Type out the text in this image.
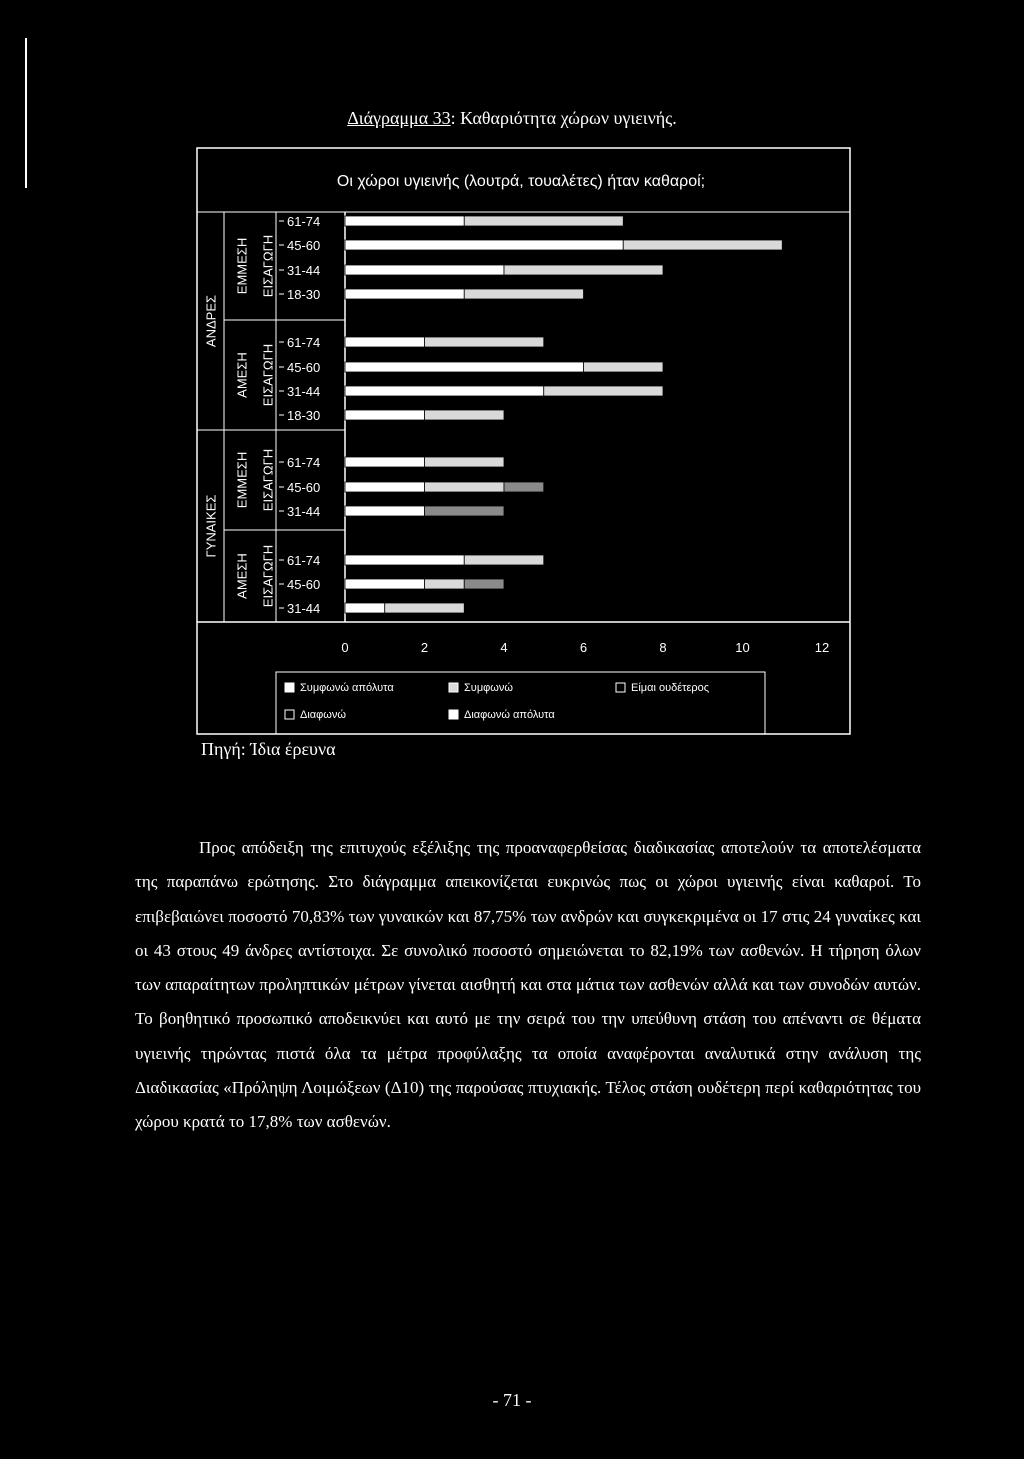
Διάγραμμα 33: Καθαριότητα χώρων υγιεινής.
Οι χώροι υγιεινής (λουτρά, τουαλέτες) ήταν καθαροί;
ΑΝΔΡΕΣ
ΕΜΜΕΣΗ ΕΙΣΑΓΩΓΗ
ΑΜΕΣΗ ΕΙΣΑΓΩΓΗ
ΓΥΝΑΙΚΕΣ
ΕΜΜΕΣΗ ΕΙΣΑΓΩΓΗ
ΑΜΕΣΗ ΕΙΣΑΓΩΓΗ
61-74
45-60
31-44
18-30
61-74
45-60
31-44
18-30
61-74
45-60
31-44
61-74
45-60
31-44
0	2	4	6	8	10	12
Συμφωνώ απόλυτα	Συμφωνώ	Είμαι ουδέτερος
Διαφωνώ	Διαφωνώ απόλυτα
Πηγή: Ίδια έρευνα

Προς απόδειξη της επιτυχούς εξέλιξης της προαναφερθείσας διαδικασίας αποτελούν τα αποτελέσματα της παραπάνω ερώτησης. Στο διάγραμμα απεικονίζεται ευκρινώς πως οι χώροι υγιεινής είναι καθαροί. Το επιβεβαιώνει ποσοστό 70,83% των γυναικών και 87,75% των ανδρών και συγκεκριμένα οι 17 στις 24 γυναίκες και οι 43 στους 49 άνδρες αντίστοιχα. Σε συνολικό ποσοστό σημειώνεται το 82,19% των ασθενών. Η τήρηση όλων των απαραίτητων προληπτικών μέτρων γίνεται αισθητή και στα μάτια των ασθενών αλλά και των συνοδών αυτών. Το βοηθητικό προσωπικό αποδεικνύει και αυτό με την σειρά του την υπεύθυνη στάση του απέναντι σε θέματα υγιεινής τηρώντας πιστά όλα τα μέτρα προφύλαξης τα οποία αναφέρονται αναλυτικά στην ανάλυση της Διαδικασίας «Πρόληψη Λοιμώξεων (Δ10) της παρούσας πτυχιακής. Τέλος στάση ουδέτερη περί καθαριότητας του χώρου κρατά το 17,8% των ασθενών.

- 71 -
